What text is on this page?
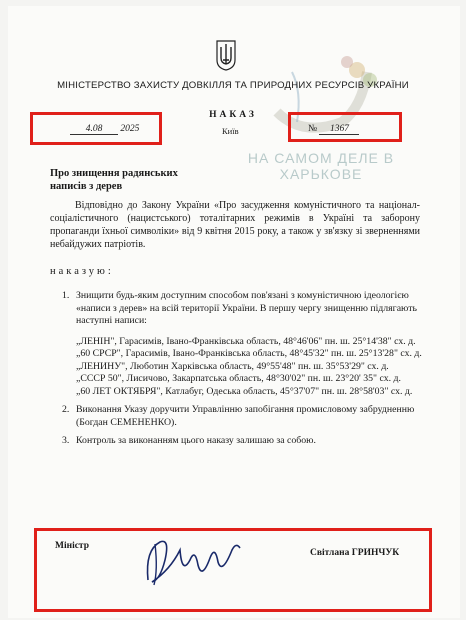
МІНІСТЕРСТВО ЗАХИСТУ ДОВКІЛЛЯ ТА ПРИРОДНИХ РЕСУРСІВ УКРАЇНИ
НАКАЗ
4.08 2025	Київ	№ 1367
НА САМОМ ДЕЛЕ В ХАРЬКОВЕ
Про знищення радянських написів з дерев
Відповідно до Закону України «Про засудження комуністичного та націонал-соціалістичного (нацистського) тоталітарних режимів в Україні та заборону пропаганди їхньої символіки» від 9 квітня 2015 року, а також у зв'язку зі зверненнями небайдужих патріотів.
наказую:
1. Знищити будь-яким доступним способом пов'язані з комуністичною ідеологією «написи з дерев» на всій території України. В першу чергу знищенню підлягають наступні написи:
„ЛЕНІН", Гарасимів, Івано-Франківська область, 48°46'06" пн. ш. 25°14'38" сх. д.
„60 СРСР", Гарасимів, Івано-Франківська область, 48°45'32" пн. ш. 25°13'28" сх. д.
„ЛЕНИНУ", Люботин Харківська область, 49°55'48" пн. ш. 35°53'29" сх. д.
„СССР 50", Лисичово, Закарпатська область, 48°30'02" пн. ш. 23°20' 35" сх. д.
„60 ЛЕТ ОКТЯБРЯ", Катлабуг, Одеська область, 45°37'07" пн. ш. 28°58'03" сх. д.
2. Виконання Указу доручити Управлінню запобігання промисловому забрудненню (Богдан СЕМЕНЕНКО).
3. Контроль за виконанням цього наказу залишаю за собою.
Міністр
Світлана ГРИНЧУК
